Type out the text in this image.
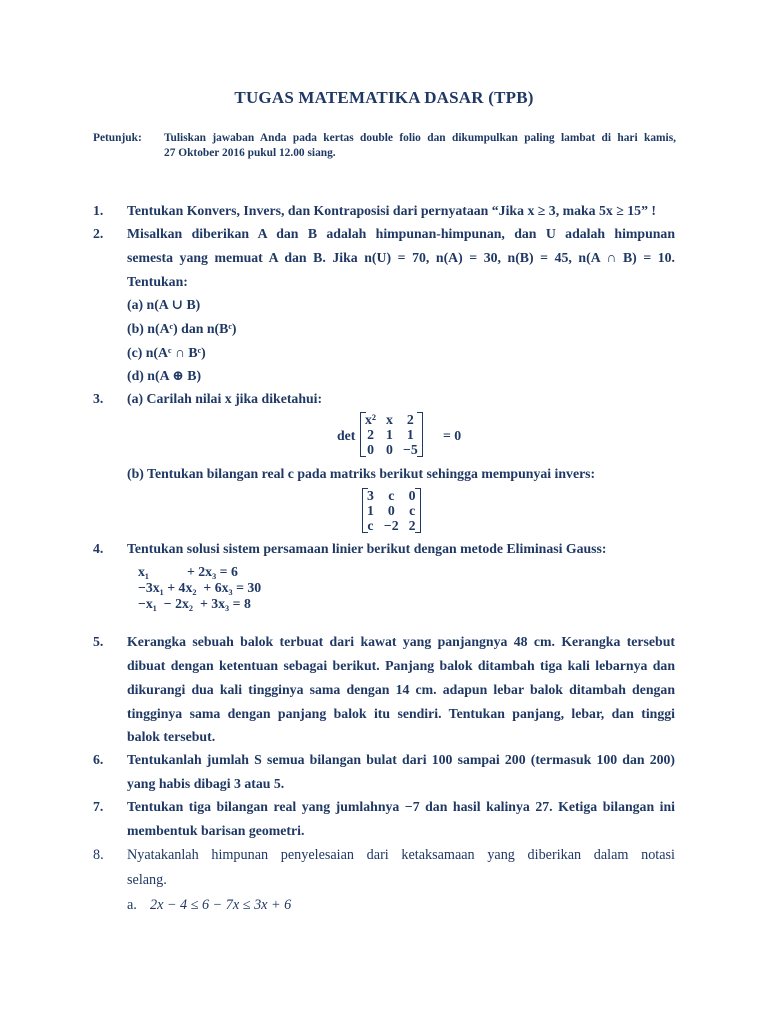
TUGAS MATEMATIKA DASAR (TPB)
Petunjuk: Tuliskan jawaban Anda pada kertas double folio dan dikumpulkan paling lambat di hari kamis,
27 Oktober 2016 pukul 12.00 siang.
1. Tentukan Konvers, Invers, dan Kontraposisi dari pernyataan “Jika x ≥ 3, maka 5x ≥ 15” !
2. Misalkan diberikan A dan B adalah himpunan-himpunan, dan U adalah himpunan
semesta yang memuat A dan B. Jika n(U) = 70, n(A) = 30, n(B) = 45, n(A ∩ B) = 10.
Tentukan:
(a) n(A ∪ B)
(b) n(Aᶜ) dan n(Bᶜ)
(c) n(Aᶜ ∩ Bᶜ)
(d) n(A ⊕ B)
3. (a) Carilah nilai x jika diketahui:
det
x²	x	2
2	1	1
0	0	−5
= 0
(b) Tentukan bilangan real c pada matriks berikut sehingga mempunyai invers:
3	c	0
1	0	c
c	−2	2
4. Tentukan solusi sistem persamaan linier berikut dengan metode Eliminasi Gauss:
x₁           + 2x₃ = 6
−3x₁ + 4x₂  + 6x₃ = 30
−x₁  − 2x₂  + 3x₃ = 8
5. Kerangka sebuah balok terbuat dari kawat yang panjangnya 48 cm. Kerangka tersebut
dibuat dengan ketentuan sebagai berikut. Panjang balok ditambah tiga kali lebarnya dan
dikurangi dua kali tingginya sama dengan 14 cm. adapun lebar balok ditambah dengan
tingginya sama dengan panjang balok itu sendiri. Tentukan panjang, lebar, dan tinggi
balok tersebut.
6. Tentukanlah jumlah S semua bilangan bulat dari 100 sampai 200 (termasuk 100 dan 200)
yang habis dibagi 3 atau 5.
7. Tentukan tiga bilangan real yang jumlahnya −7 dan hasil kalinya 27. Ketiga bilangan ini
membentuk barisan geometri.
8. Nyatakanlah himpunan penyelesaian dari ketaksamaan yang diberikan dalam notasi
selang.
a. 2x − 4 ≤ 6 − 7x ≤ 3x + 6
